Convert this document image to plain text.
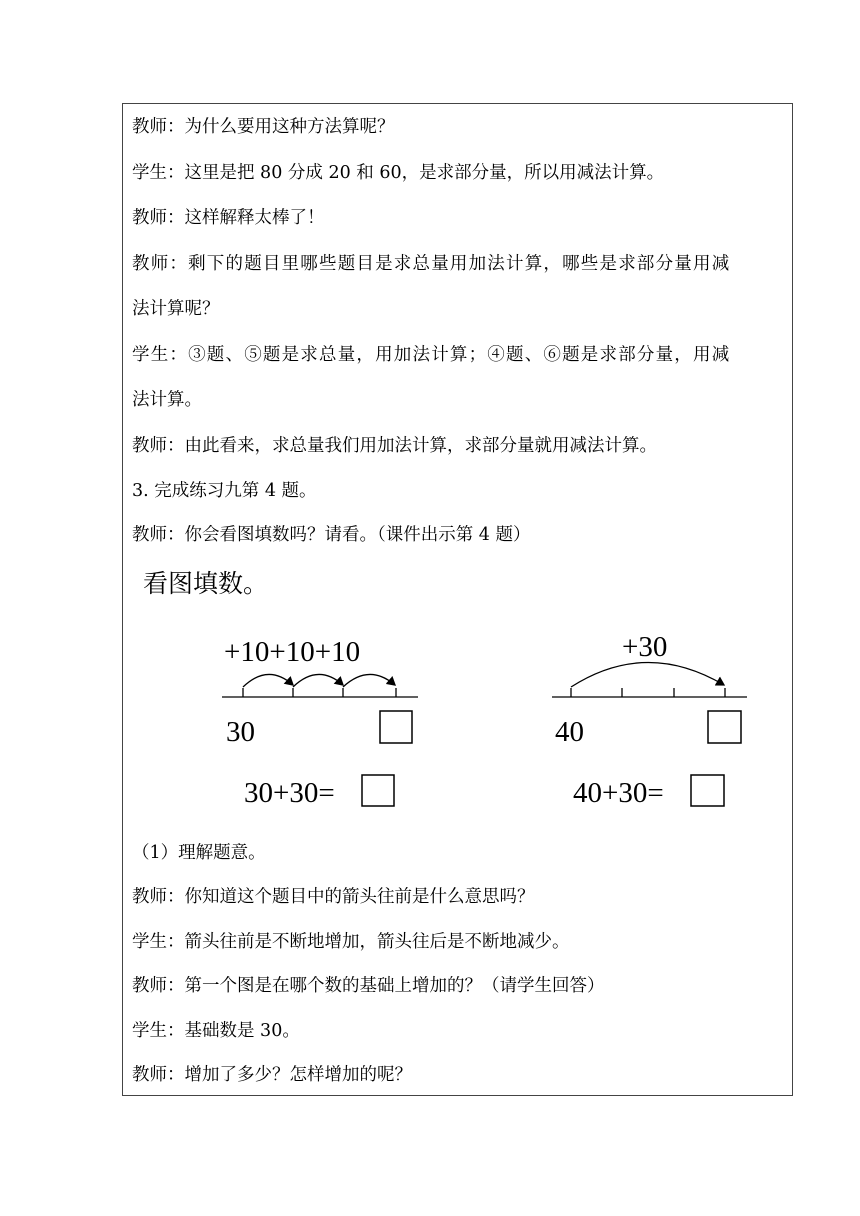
教师：为什么要用这种方法算呢？
学生：这里是把 80 分成 20 和 60，是求部分量，所以用减法计算。
教师：这样解释太棒了！
教师：剩下的题目里哪些题目是求总量用加法计算，哪些是求部分量用减
法计算呢？
学生：③题、⑤题是求总量，用加法计算；④题、⑥题是求部分量，用减
法计算。
教师：由此看来，求总量我们用加法计算，求部分量就用减法计算。
3. 完成练习九第 4 题。
教师：你会看图填数吗？请看。（课件出示第 4 题）
看图填数。
+10+10+10
30
30+30=
+30
40
40+30=
（1）理解题意。
教师：你知道这个题目中的箭头往前是什么意思吗？
学生：箭头往前是不断地增加，箭头往后是不断地减少。
教师：第一个图是在哪个数的基础上增加的？（请学生回答）
学生：基础数是 30。
教师：增加了多少？怎样增加的呢？
